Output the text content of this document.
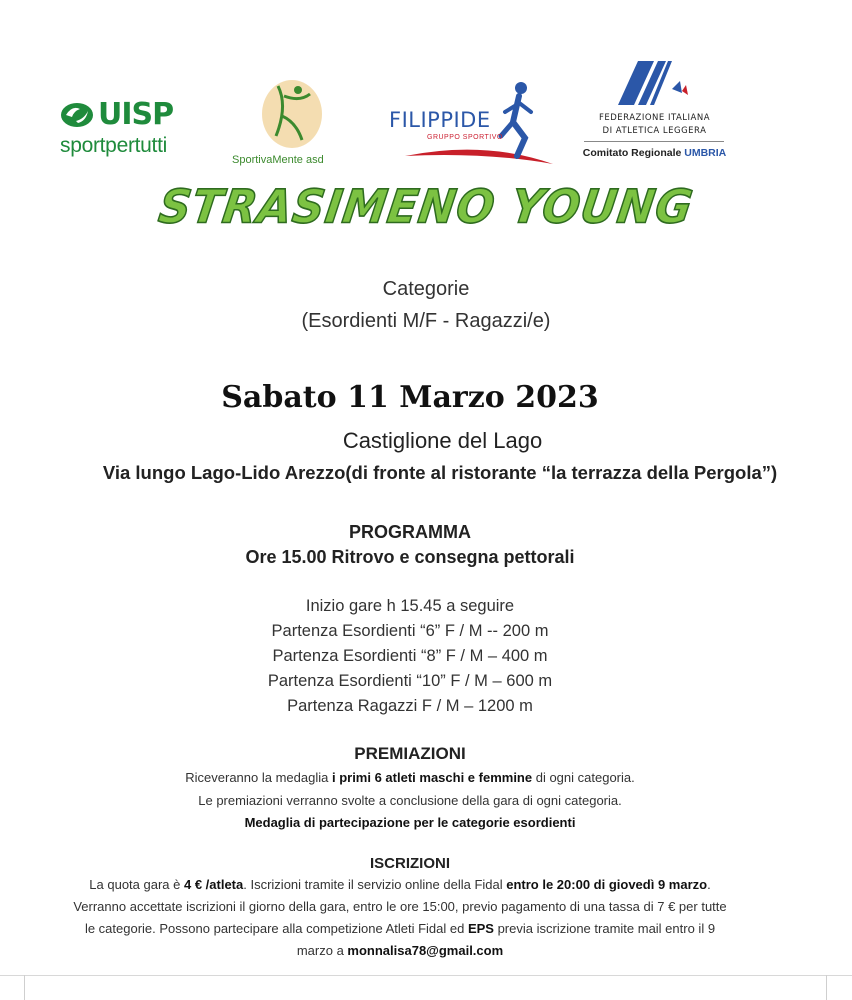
UISP
sportpertutti
SportivaMente asd
FILIPPIDE
GRUPPO SPORTIVO
FEDERAZIONE ITALIANA
DI ATLETICA LEGGERA
Comitato Regionale UMBRIA
STRASIMENO YOUNG
Categorie
(Esordienti M/F - Ragazzi/e)
Sabato 11 Marzo 2023
Castiglione del Lago
Via lungo Lago-Lido Arezzo(di fronte al ristorante “la terrazza della Pergola”)
PROGRAMMA
Ore 15.00 Ritrovo e consegna pettorali
Inizio gare h 15.45 a seguire
Partenza Esordienti “6” F / M -- 200 m
Partenza Esordienti “8” F / M – 400 m
Partenza Esordienti “10” F / M – 600 m
Partenza Ragazzi F / M – 1200 m
PREMIAZIONI
Riceveranno la medaglia i primi 6 atleti maschi e femmine di ogni categoria.
Le premiazioni verranno svolte a conclusione della gara di ogni categoria.
Medaglia di partecipazione per le categorie esordienti
ISCRIZIONI
La quota gara è 4 € /atleta. Iscrizioni tramite il servizio online della Fidal entro le 20:00 di giovedì 9 marzo.
Verranno accettate iscrizioni il giorno della gara, entro le ore 15:00, previo pagamento di una tassa di 7 € per tutte
le categorie. Possono partecipare alla competizione Atleti Fidal ed EPS previa iscrizione tramite mail entro il 9
marzo a monnalisa78@gmail.com
